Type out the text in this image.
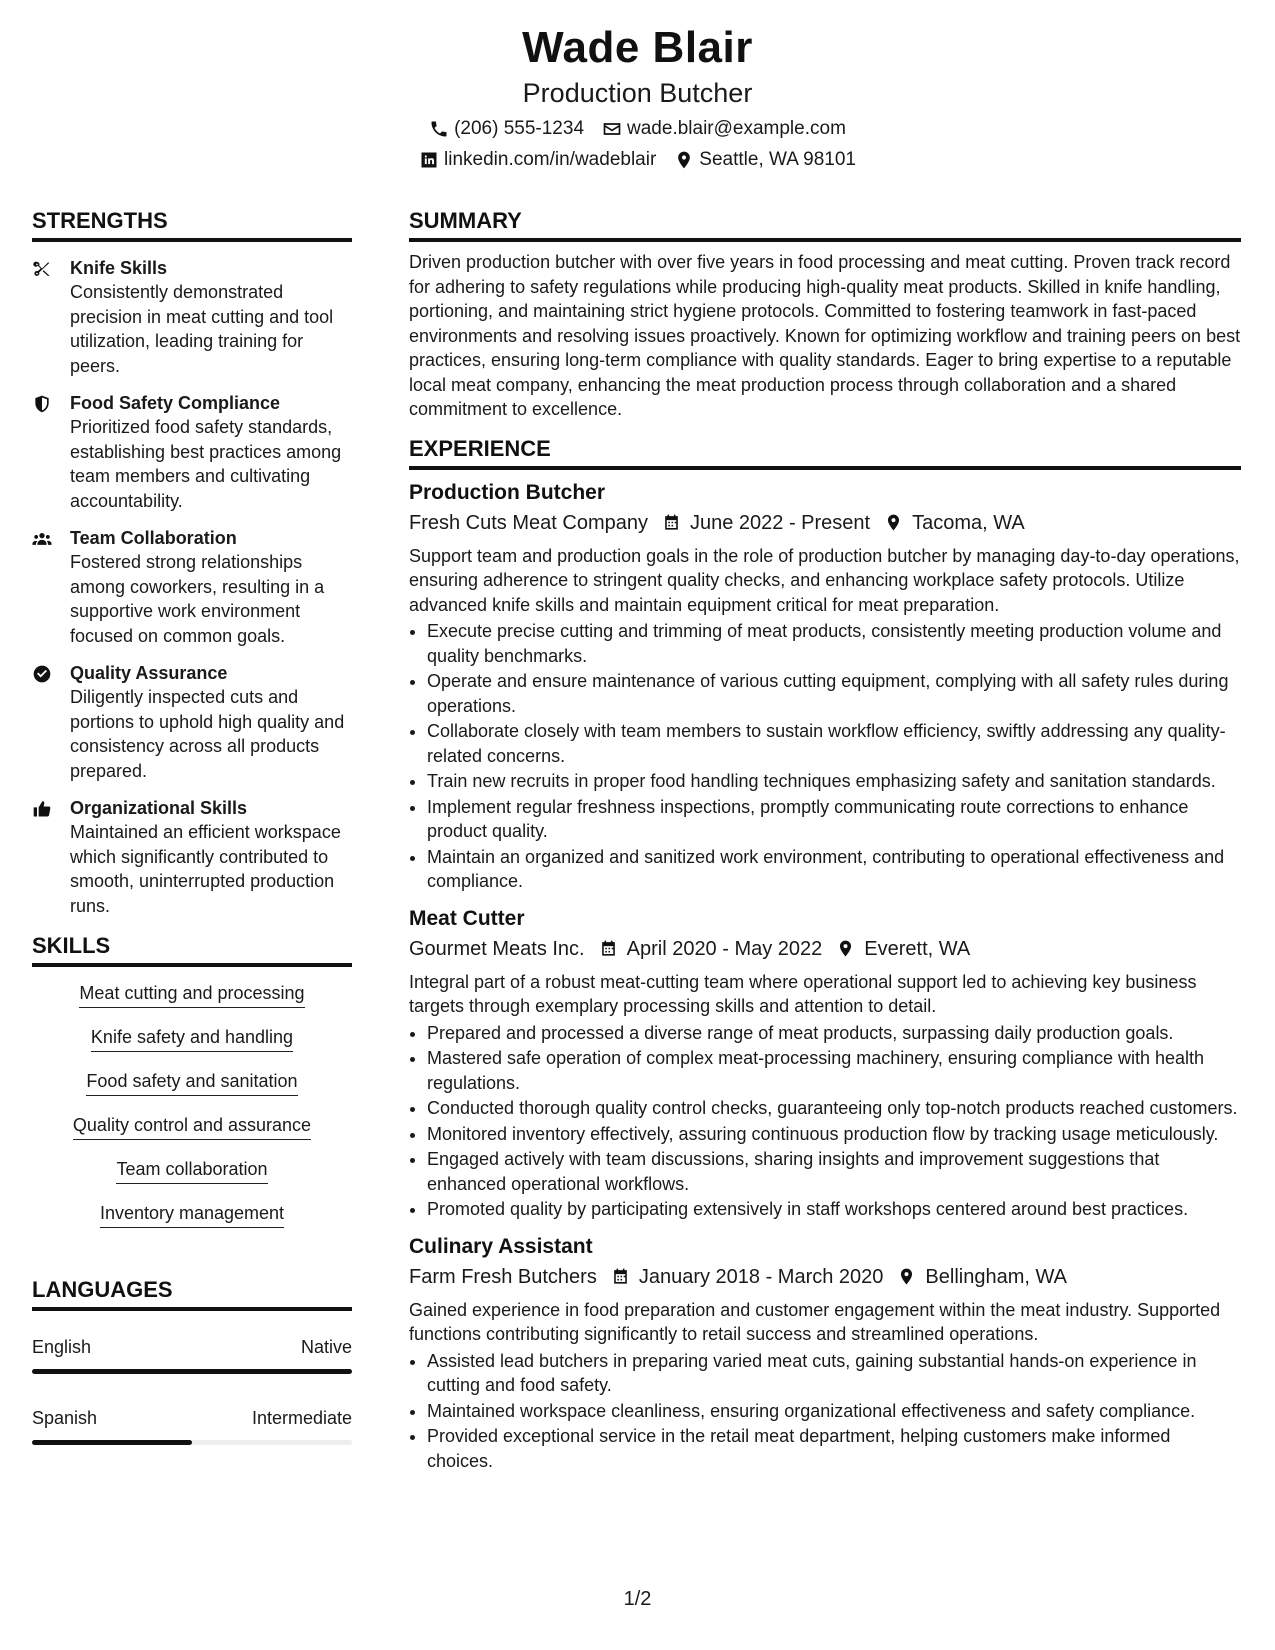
Wade Blair
Production Butcher
(206) 555-1234 wade.blair@example.com
linkedin.com/in/wadeblair Seattle, WA 98101
STRENGTHS
Knife Skills
Consistently demonstrated precision in meat cutting and tool utilization, leading training for peers.
Food Safety Compliance
Prioritized food safety standards, establishing best practices among team members and cultivating accountability.
Team Collaboration
Fostered strong relationships among coworkers, resulting in a supportive work environment focused on common goals.
Quality Assurance
Diligently inspected cuts and portions to uphold high quality and consistency across all products prepared.
Organizational Skills
Maintained an efficient workspace which significantly contributed to smooth, uninterrupted production runs.
SKILLS
Meat cutting and processing
Knife safety and handling
Food safety and sanitation
Quality control and assurance
Team collaboration
Inventory management
LANGUAGES
English	Native
Spanish	Intermediate
SUMMARY

Driven production butcher with over five years in food processing and meat cutting. Proven track record for adhering to safety regulations while producing high-quality meat products. Skilled in knife handling, portioning, and maintaining strict hygiene protocols. Committed to fostering teamwork in fast-paced environments and resolving issues proactively. Known for optimizing workflow and training peers on best practices, ensuring long-term compliance with quality standards. Eager to bring expertise to a reputable local meat company, enhancing the meat production process through collaboration and a shared commitment to excellence.

EXPERIENCE
Production Butcher
Fresh Cuts Meat Company June 2022 - Present Tacoma, WA

Support team and production goals in the role of production butcher by managing day-to-day operations, ensuring adherence to stringent quality checks, and enhancing workplace safety protocols. Utilize advanced knife skills and maintain equipment critical for meat preparation.

• Execute precise cutting and trimming of meat products, consistently meeting production volume and quality benchmarks.
• Operate and ensure maintenance of various cutting equipment, complying with all safety rules during operations.
• Collaborate closely with team members to sustain workflow efficiency, swiftly addressing any quality-related concerns.
• Train new recruits in proper food handling techniques emphasizing safety and sanitation standards.
• Implement regular freshness inspections, promptly communicating route corrections to enhance product quality.
• Maintain an organized and sanitized work environment, contributing to operational effectiveness and compliance.
Meat Cutter
Gourmet Meats Inc. April 2020 - May 2022 Everett, WA

Integral part of a robust meat-cutting team where operational support led to achieving key business targets through exemplary processing skills and attention to detail.

• Prepared and processed a diverse range of meat products, surpassing daily production goals.
• Mastered safe operation of complex meat-processing machinery, ensuring compliance with health regulations.
• Conducted thorough quality control checks, guaranteeing only top-notch products reached customers.
• Monitored inventory effectively, assuring continuous production flow by tracking usage meticulously.
• Engaged actively with team discussions, sharing insights and improvement suggestions that enhanced operational workflows.
• Promoted quality by participating extensively in staff workshops centered around best practices.
Culinary Assistant
Farm Fresh Butchers January 2018 - March 2020 Bellingham, WA

Gained experience in food preparation and customer engagement within the meat industry. Supported functions contributing significantly to retail success and streamlined operations.

• Assisted lead butchers in preparing varied meat cuts, gaining substantial hands-on experience in cutting and food safety.
• Maintained workspace cleanliness, ensuring organizational effectiveness and safety compliance.
• Provided exceptional service in the retail meat department, helping customers make informed choices.
1/2
